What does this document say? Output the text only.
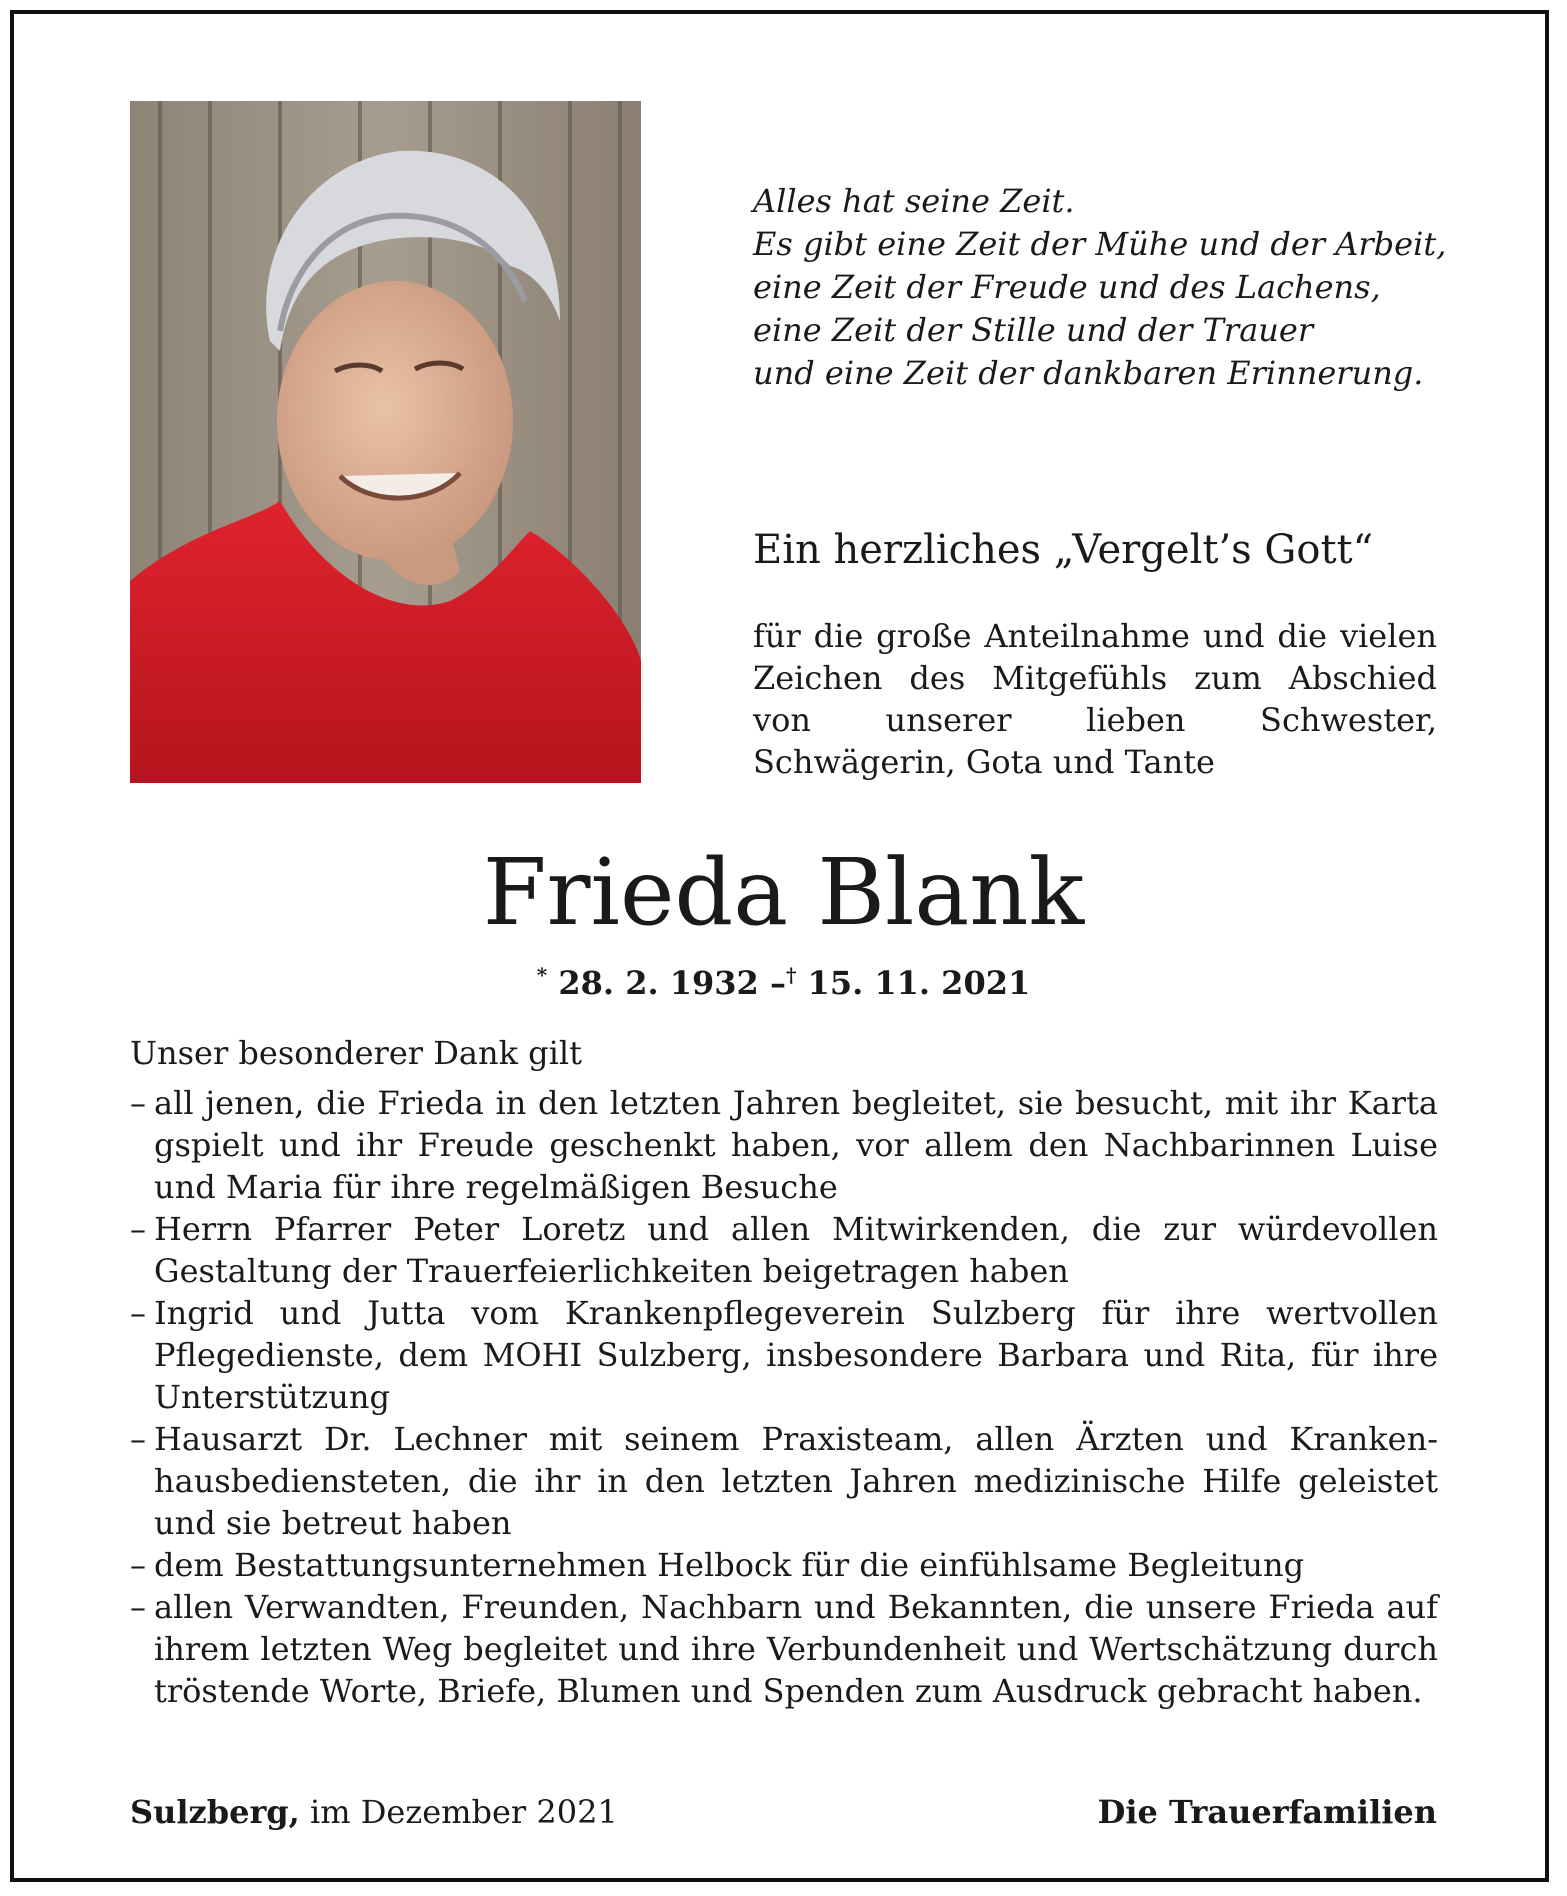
Alles hat seine Zeit.
Es gibt eine Zeit der Mühe und der Arbeit,
eine Zeit der Freude und des Lachens,
eine Zeit der Stille und der Trauer
und eine Zeit der dankbaren Erinnerung.
Ein herzliches „Vergelt’s Gott“
für die große Anteilnahme und die vielen Zeichen des Mitgefühls zum Abschied von unserer lieben Schwester, Schwägerin, Gota und Tante
Frieda Blank
* 28. 2. 1932 –† 15. 11. 2021
Unser besonderer Dank gilt
– all jenen, die Frieda in den letzten Jahren begleitet, sie besucht, mit ihr Karta gspielt und ihr Freude geschenkt haben, vor allem den Nachbarinnen Luise und Maria für ihre regelmäßigen Besuche
– Herrn Pfarrer Peter Loretz und allen Mitwirkenden, die zur würdevollen Gestaltung der Trauerfeierlichkeiten beigetragen haben
– Ingrid und Jutta vom Krankenpflegeverein Sulzberg für ihre wertvollen Pflegedienste, dem MOHI Sulzberg, insbesondere Barbara und Rita, für ihre Unterstützung
– Hausarzt Dr. Lechner mit seinem Praxisteam, allen Ärzten und Krankenhausbediensteten, die ihr in den letzten Jahren medizinische Hilfe geleistet und sie betreut haben
– dem Bestattungsunternehmen Helbock für die einfühlsame Begleitung
– allen Verwandten, Freunden, Nachbarn und Bekannten, die unsere Frieda auf ihrem letzten Weg begleitet und ihre Verbundenheit und Wertschätzung durch tröstende Worte, Briefe, Blumen und Spenden zum Ausdruck gebracht haben.
Sulzberg, im Dezember 2021	Die Trauerfamilien
